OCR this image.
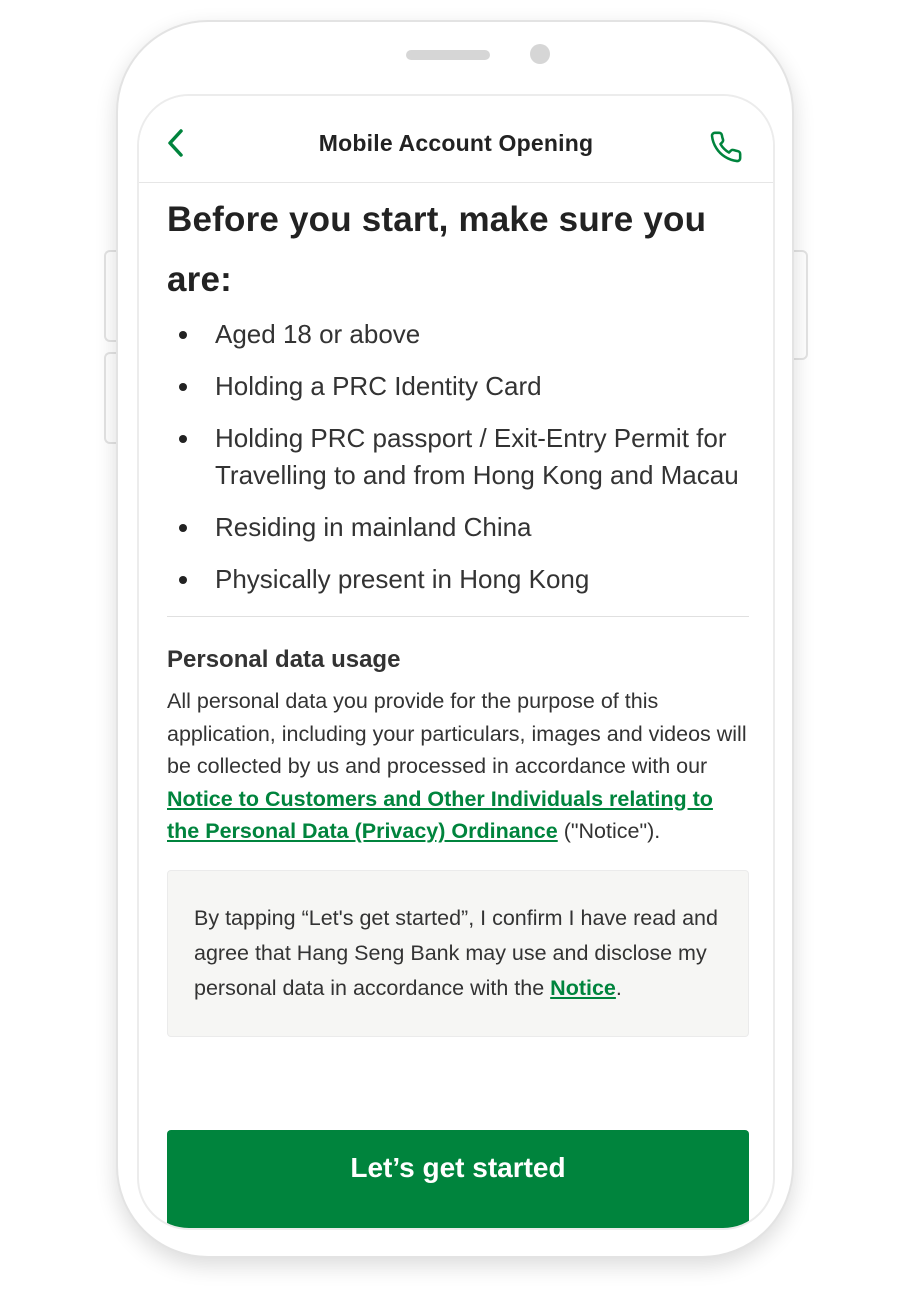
Mobile Account Opening
Before you start, make sure you are:
Aged 18 or above
Holding a PRC Identity Card
Holding PRC passport / Exit-Entry Permit for Travelling to and from Hong Kong and Macau
Residing in mainland China
Physically present in Hong Kong
Personal data usage

All personal data you provide for the purpose of this application, including your particulars, images and videos will be collected by us and processed in accordance with our Notice to Customers and Other Individuals relating to the Personal Data (Privacy) Ordinance ("Notice").

By tapping “Let's get started”, I confirm I have read and agree that Hang Seng Bank may use and disclose my personal data in accordance with the Notice.
Let’s get started
